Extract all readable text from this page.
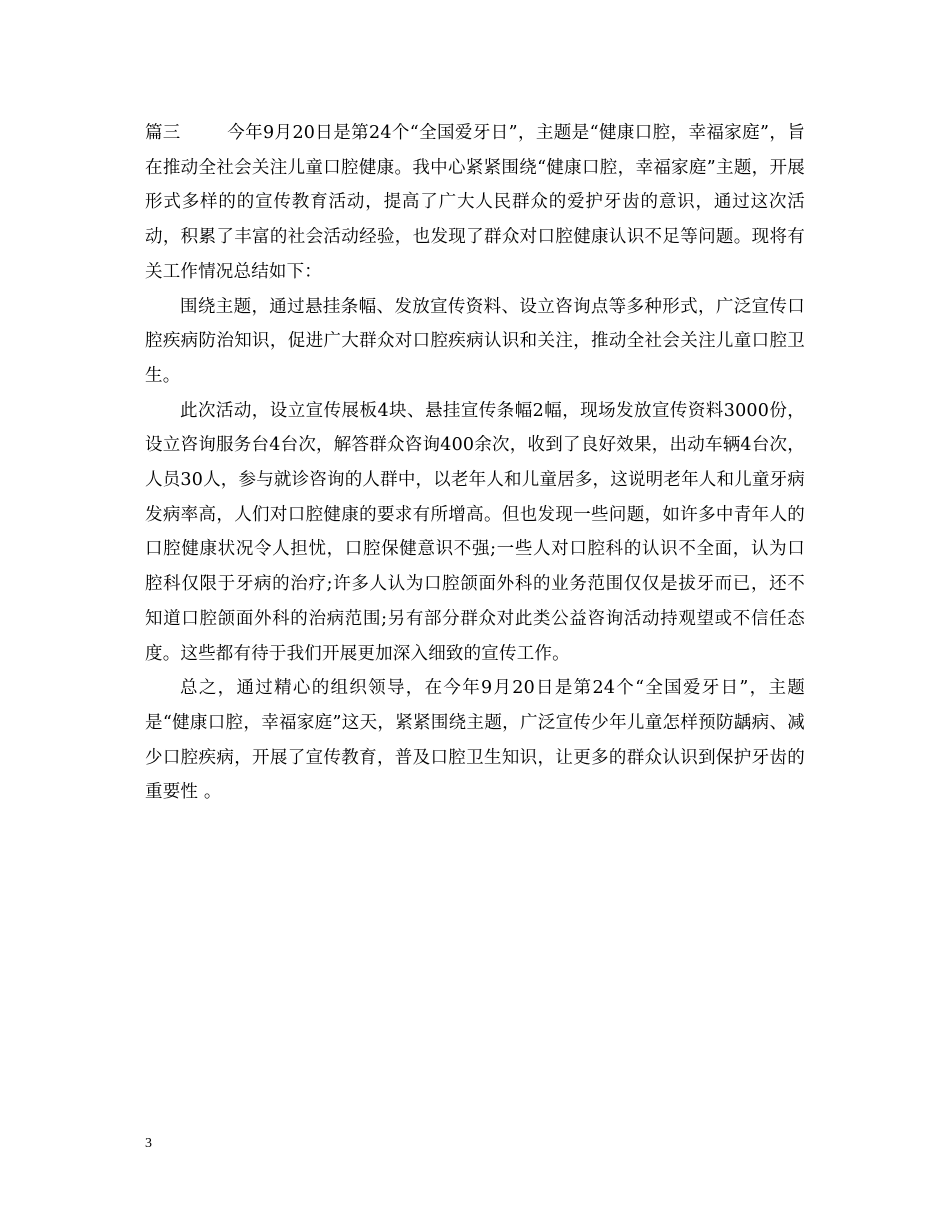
篇三	今年9月20日是第24个“全国爱牙日”，主题是“健康口腔，幸福家庭”，旨在推动全社会关注儿童口腔健康。我中心紧紧围绕“健康口腔，幸福家庭”主题，开展形式多样的的宣传教育活动，提高了广大人民群众的爱护牙齿的意识，通过这次活动，积累了丰富的社会活动经验，也发现了群众对口腔健康认识不足等问题。现将有关工作情况总结如下：

围绕主题，通过悬挂条幅、发放宣传资料、设立咨询点等多种形式，广泛宣传口腔疾病防治知识，促进广大群众对口腔疾病认识和关注，推动全社会关注儿童口腔卫生。

此次活动，设立宣传展板4块、悬挂宣传条幅2幅，现场发放宣传资料3000份，设立咨询服务台4台次，解答群众咨询400余次，收到了良好效果，出动车辆4台次，人员30人，参与就诊咨询的人群中，以老年人和儿童居多，这说明老年人和儿童牙病发病率高，人们对口腔健康的要求有所增高。但也发现一些问题，如许多中青年人的口腔健康状况令人担忧，口腔保健意识不强;一些人对口腔科的认识不全面，认为口腔科仅限于牙病的治疗;许多人认为口腔颌面外科的业务范围仅仅是拔牙而已，还不知道口腔颌面外科的治病范围;另有部分群众对此类公益咨询活动持观望或不信任态度。这些都有待于我们开展更加深入细致的宣传工作。

总之，通过精心的组织领导，在今年9月20日是第24个“全国爱牙日”，主题是“健康口腔，幸福家庭”这天，紧紧围绕主题，广泛宣传少年儿童怎样预防龋病、减少口腔疾病，开展了宣传教育，普及口腔卫生知识，让更多的群众认识到保护牙齿的重要性 。

3
